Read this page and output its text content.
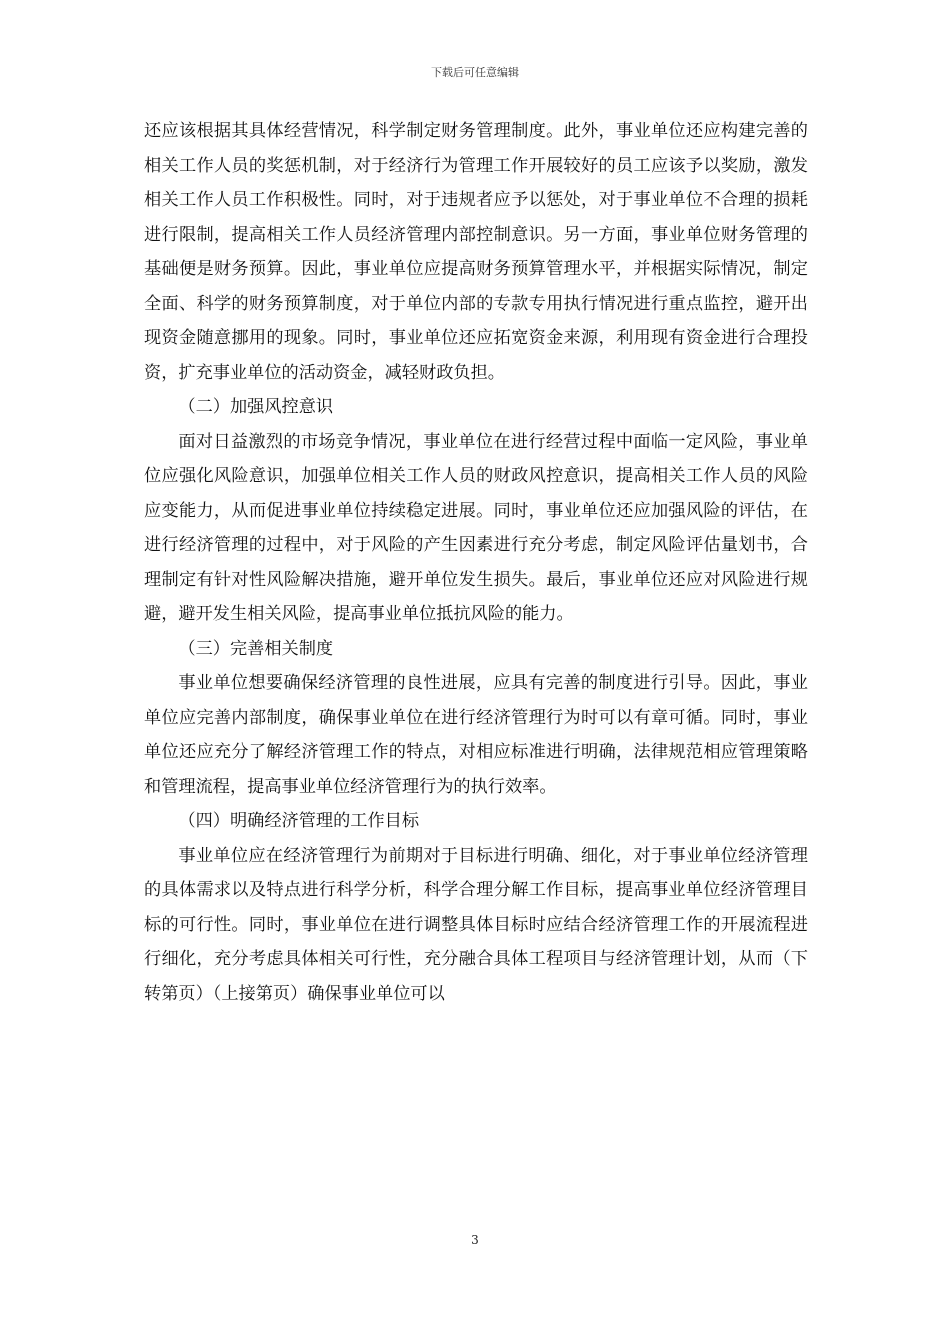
下载后可任意编辑

还应该根据其具体经营情况，科学制定财务管理制度。此外，事业单位还应构建完善的相关工作人员的奖惩机制，对于经济行为管理工作开展较好的员工应该予以奖励，激发相关工作人员工作积极性。同时，对于违规者应予以惩处，对于事业单位不合理的损耗进行限制，提高相关工作人员经济管理内部控制意识。另一方面，事业单位财务管理的基础便是财务预算。因此，事业单位应提高财务预算管理水平，并根据实际情况，制定全面、科学的财务预算制度，对于单位内部的专款专用执行情况进行重点监控，避开出现资金随意挪用的现象。同时，事业单位还应拓宽资金来源，利用现有资金进行合理投资，扩充事业单位的活动资金，减轻财政负担。

（二）加强风控意识

面对日益激烈的市场竞争情况，事业单位在进行经营过程中面临一定风险，事业单位应强化风险意识，加强单位相关工作人员的财政风控意识，提高相关工作人员的风险应变能力，从而促进事业单位持续稳定进展。同时，事业单位还应加强风险的评估，在进行经济管理的过程中，对于风险的产生因素进行充分考虑，制定风险评估量划书，合理制定有针对性风险解决措施，避开单位发生损失。最后，事业单位还应对风险进行规避，避开发生相关风险，提高事业单位抵抗风险的能力。

（三）完善相关制度

事业单位想要确保经济管理的良性进展，应具有完善的制度进行引导。因此，事业单位应完善内部制度，确保事业单位在进行经济管理行为时可以有章可循。同时，事业单位还应充分了解经济管理工作的特点，对相应标准进行明确，法律规范相应管理策略和管理流程，提高事业单位经济管理行为的执行效率。

（四）明确经济管理的工作目标

事业单位应在经济管理行为前期对于目标进行明确、细化，对于事业单位经济管理的具体需求以及特点进行科学分析，科学合理分解工作目标，提高事业单位经济管理目标的可行性。同时，事业单位在进行调整具体目标时应结合经济管理工作的开展流程进行细化，充分考虑具体相关可行性，充分融合具体工程项目与经济管理计划，从而（下转第页）（上接第页）确保事业单位可以

3
